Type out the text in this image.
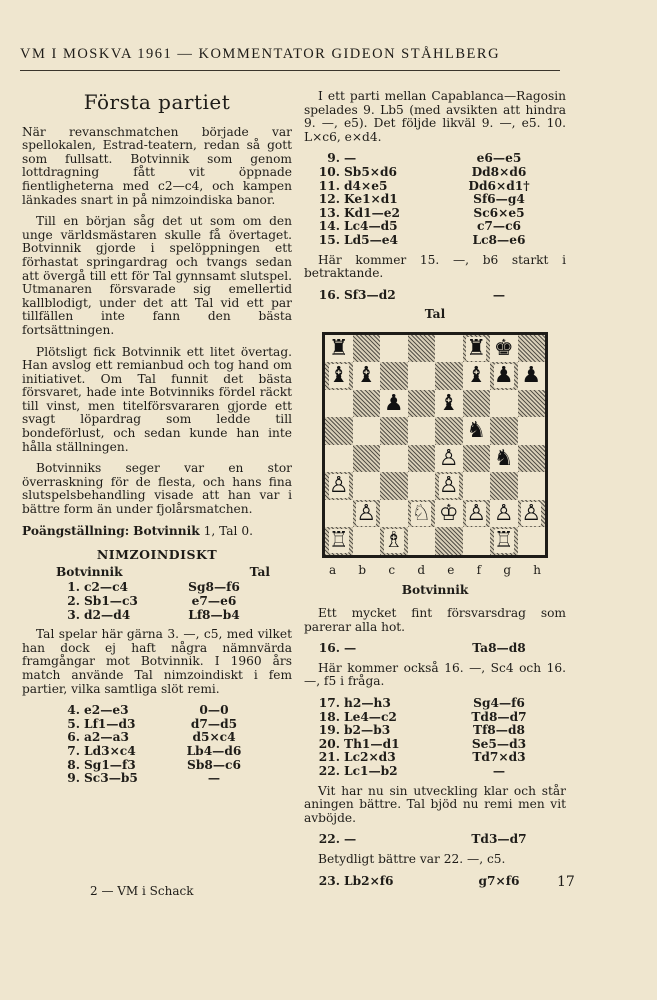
VM I MOSKVA 1961 — KOMMENTATOR GIDEON STÅHLBERG
Första partiet

När revanschmatchen började var spellokalen, Estrad-teatern, redan så gott som fullsatt. Botvinnik som genom lottdragning fått vit öppnade fientligheterna med c2—c4, och kampen länkades snart in på nimzoindiska banor.

Till en början såg det ut som om den unge världsmästaren skulle få övertaget. Botvinnik gjorde i spelöppningen ett förhastat springardrag och tvangs sedan att övergå till ett för Tal gynnsamt slutspel. Utmanaren försvarade sig emellertid kallblodigt, under det att Tal vid ett par tillfällen inte fann den bästa fortsättningen.

Plötsligt fick Botvinnik ett litet övertag. Han avslog ett remianbud och tog hand om initiativet. Om Tal funnit det bästa försvaret, hade inte Botvinniks fördel räckt till vinst, men titelförsvararen gjorde ett svagt löpardrag som ledde till bondeförlust, och sedan kunde han inte hålla ställningen.

Botvinniks seger var en stor överraskning för de flesta, och hans fina slutspelsbehandling visade att han var i bättre form än under fjolårsmatchen.

Poängställning: Botvinnik 1, Tal 0.

NIMZOINDISKT
Botvinnik	Tal
1.	c2—c4	Sg8—f6
2.	Sb1—c3	e7—e6
3.	d2—d4	Lf8—b4

Tal spelar här gärna 3. —, c5, med vilket han dock ej haft några nämnvärda framgångar mot Botvinnik. I 1960 års match använde Tal nimzoindiskt i fem partier, vilka samtliga slöt remi.

4.	e2—e3	0—0
5.	Lf1—d3	d7—d5
6.	a2—a3	d5×c4
7.	Ld3×c4	Lb4—d6
8.	Sg1—f3	Sb8—c6
9.	Sc3—b5	—

I ett parti mellan Capablanca—Ragosin spelades 9. Lb5 (med avsikten att hindra 9. —, e5). Det följde likväl 9. —, e5. 10. L×c6, e×d4.

9.	—	e6—e5
10.	Sb5×d6	Dd8×d6
11.	d4×e5	Dd6×d1†
12.	Ke1×d1	Sf6—g4
13.	Kd1—e2	Sc6×e5
14.	Lc4—d5	c7—c6
15.	Ld5—e4	Lc8—e6

Här kommer 15. —, b6 starkt i betraktande.

16.	Sf3—d2	—
Tal
♜	♜ ♚
♝ ♝	♝ ♟ ♟
♟ ♝
♞
♙ ♞
♙	♙
♙ ♘ ♔ ♙ ♙ ♙
♖ ♗	♖
a b c d e f g h
Botvinnik

Ett mycket fint försvarsdrag som parerar alla hot.

16.	—	Ta8—d8

Här kommer också 16. —, Sc4 och 16. —, f5 i fråga.

17.	h2—h3	Sg4—f6
18.	Le4—c2	Td8—d7
19.	b2—b3	Tf8—d8
20.	Th1—d1	Se5—d3
21.	Lc2×d3	Td7×d3
22.	Lc1—b2	—

Vit har nu sin utveckling klar och står aningen bättre. Tal bjöd nu remi men vit avböjde.

22.	—	Td3—d7

Betydligt bättre var 22. —, c5.

23.	Lb2×f6	g7×f6
2 — VM i Schack
17
